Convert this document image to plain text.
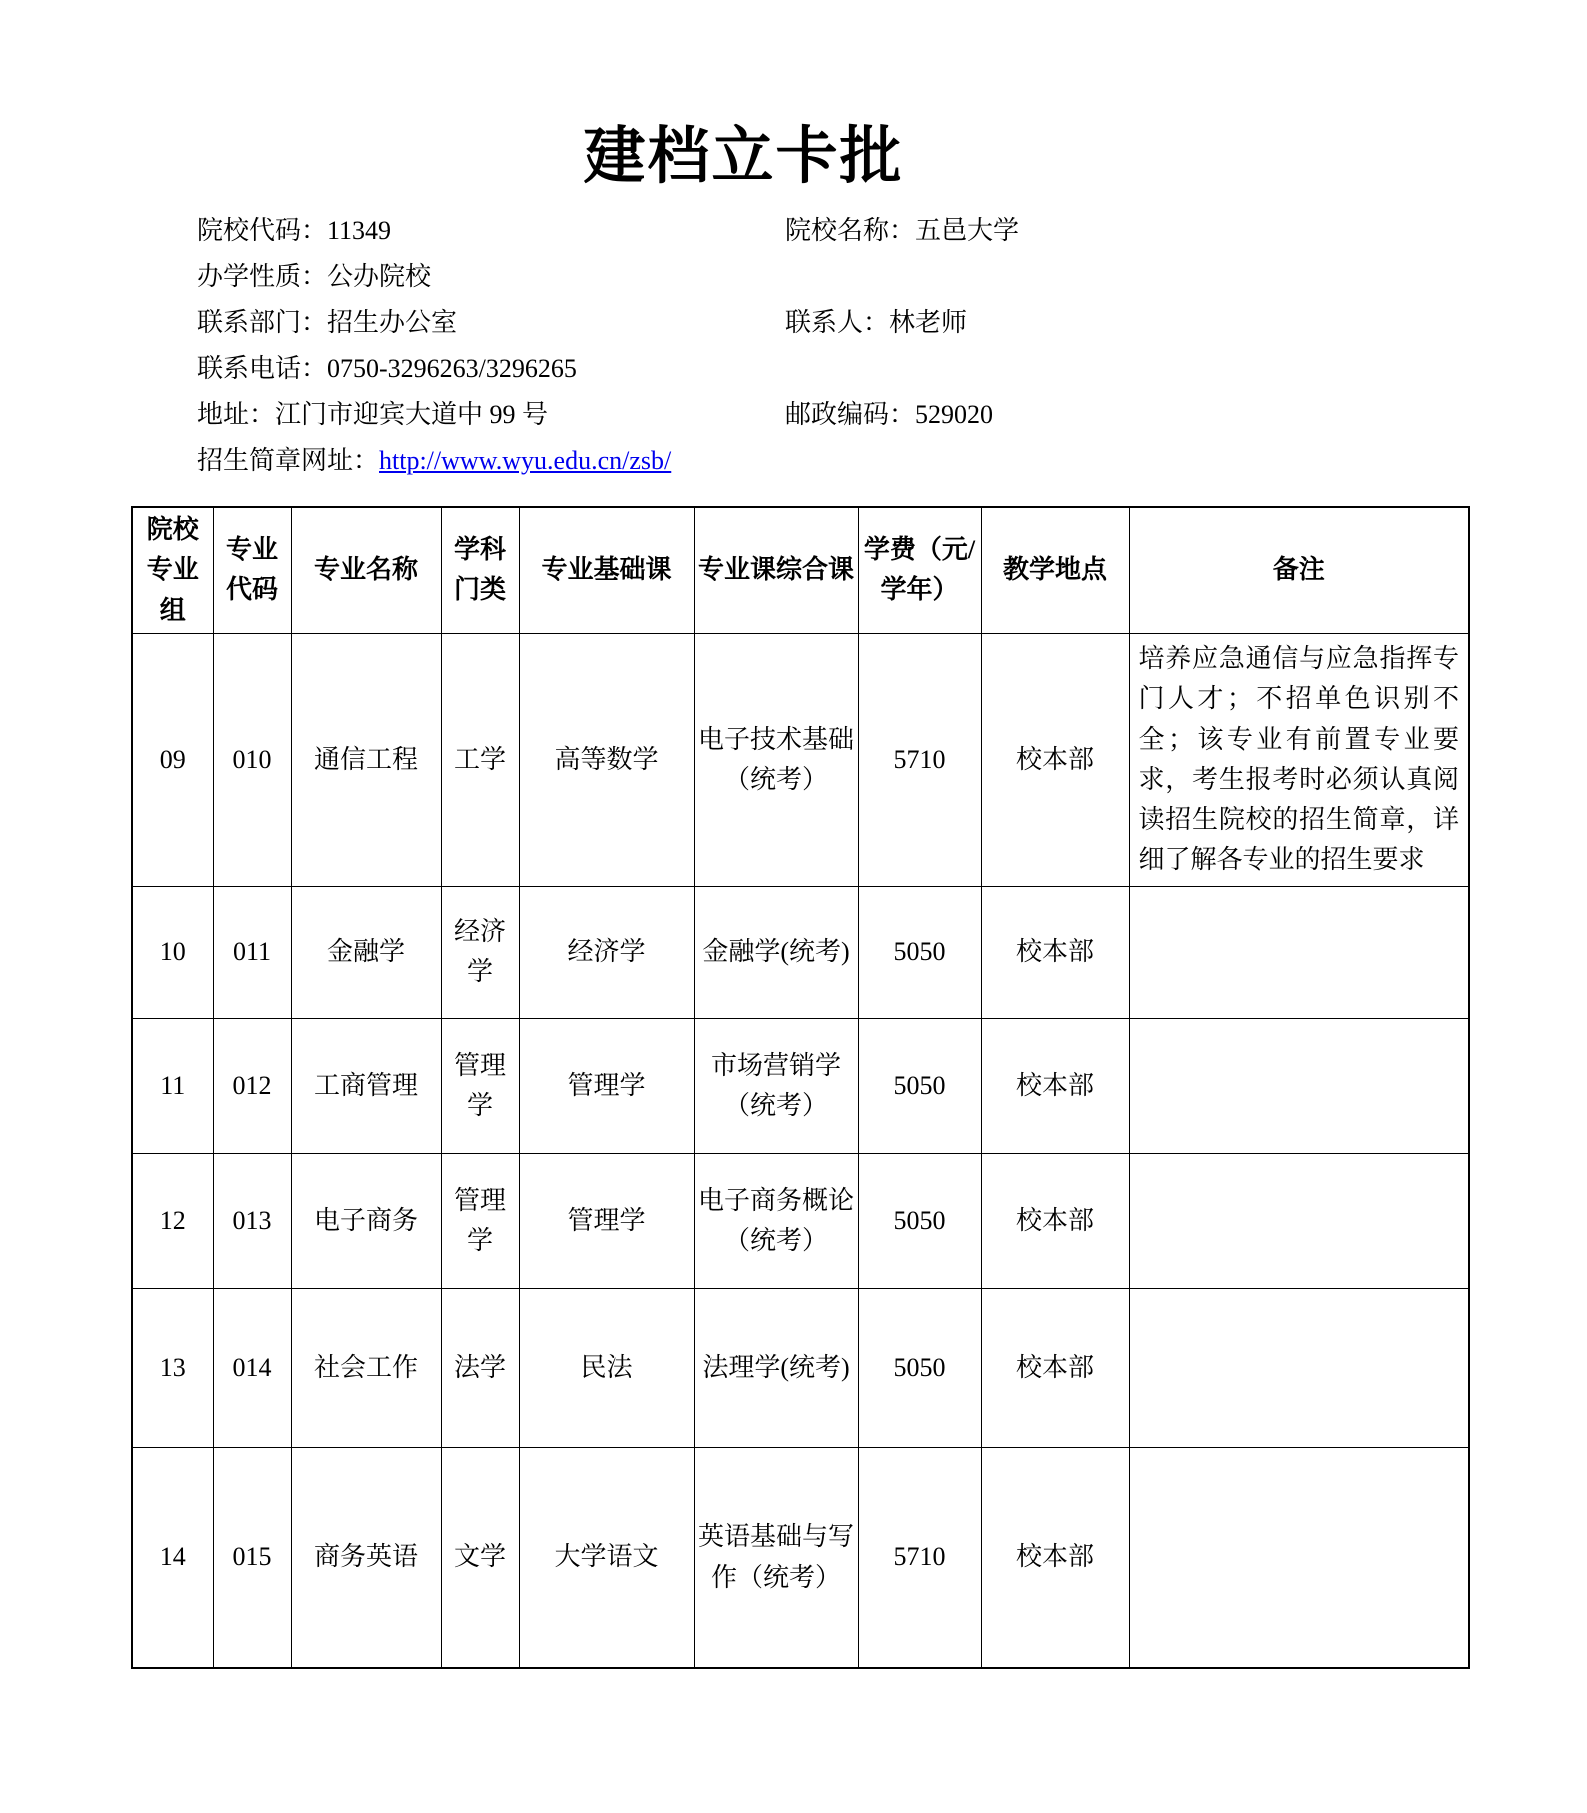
建档立卡批
院校代码：11349	院校名称：五邑大学
办学性质：公办院校
联系部门：招生办公室	联系人：林老师
联系电话：0750-3296263/3296265
地址：江门市迎宾大道中 99 号	邮政编码：529020
招生简章网址： http://www.wyu.edu.cn/zsb/
院校专业组	专业代码	专业名称	学科门类	专业基础课	专业课综合课	学费（元/学年）	教学地点	备注
09	010	通信工程	工学	高等数学	电子技术基础（统考）	5710	校本部	培养应急通信与应急指挥专门人才；不招单色识别不全；该专业有前置专业要求，考生报考时必须认真阅读招生院校的招生简章，详细了解各专业的招生要求
10	011	金融学	经济学	经济学	金融学(统考)	5050	校本部	
11	012	工商管理	管理学	管理学	市场营销学（统考）	5050	校本部	
12	013	电子商务	管理学	管理学	电子商务概论（统考）	5050	校本部	
13	014	社会工作	法学	民法	法理学(统考)	5050	校本部	
14	015	商务英语	文学	大学语文	英语基础与写作（统考）	5710	校本部	
